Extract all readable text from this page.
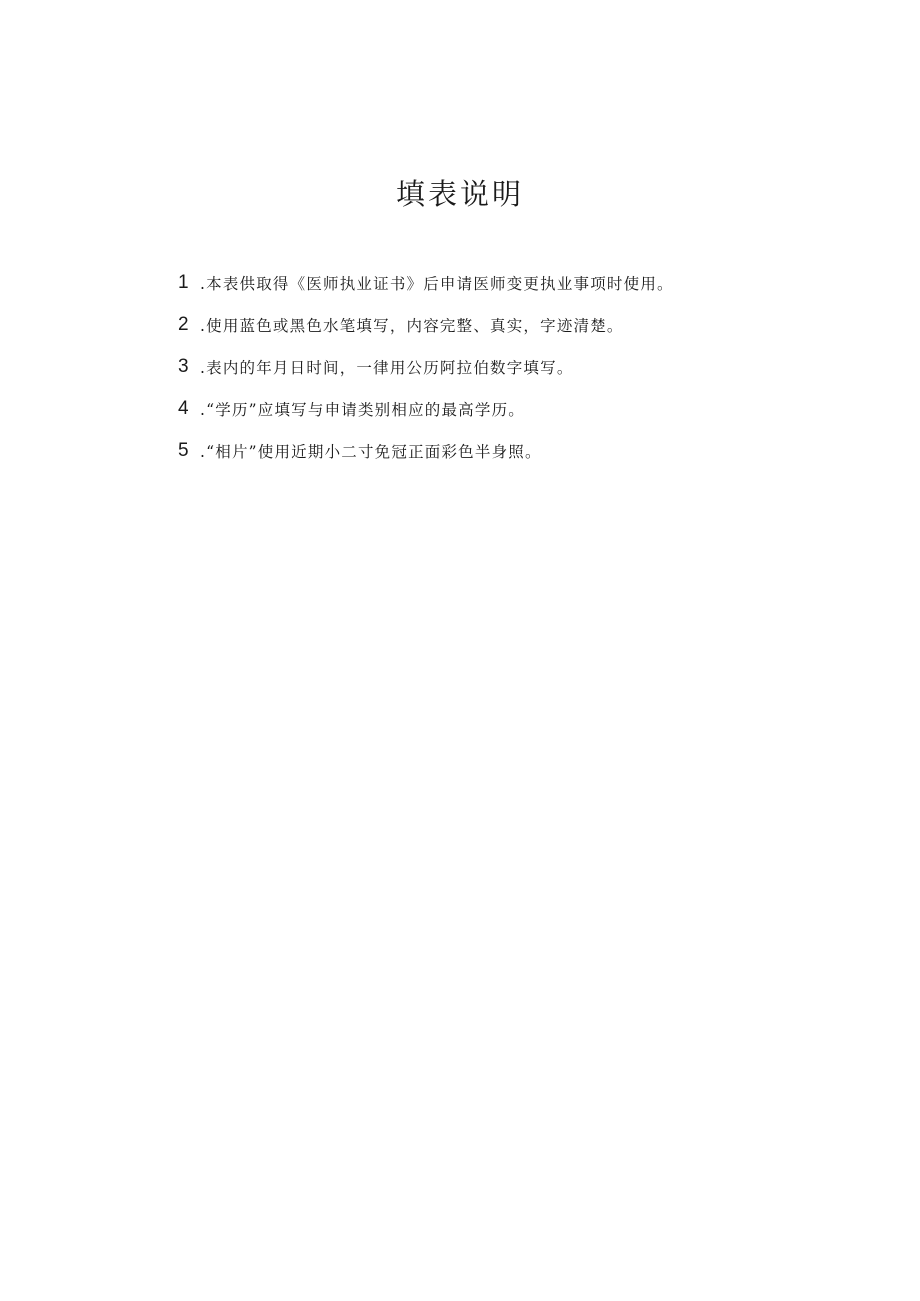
填表说明
1 .本表供取得《医师执业证书》后申请医师变更执业事项时使用。
2 .使用蓝色或黑色水笔填写，内容完整、真实，字迹清楚。
3 .表内的年月日时间，一律用公历阿拉伯数字填写。
4 .“学历”应填写与申请类别相应的最高学历。
5 .“相片”使用近期小二寸免冠正面彩色半身照。
